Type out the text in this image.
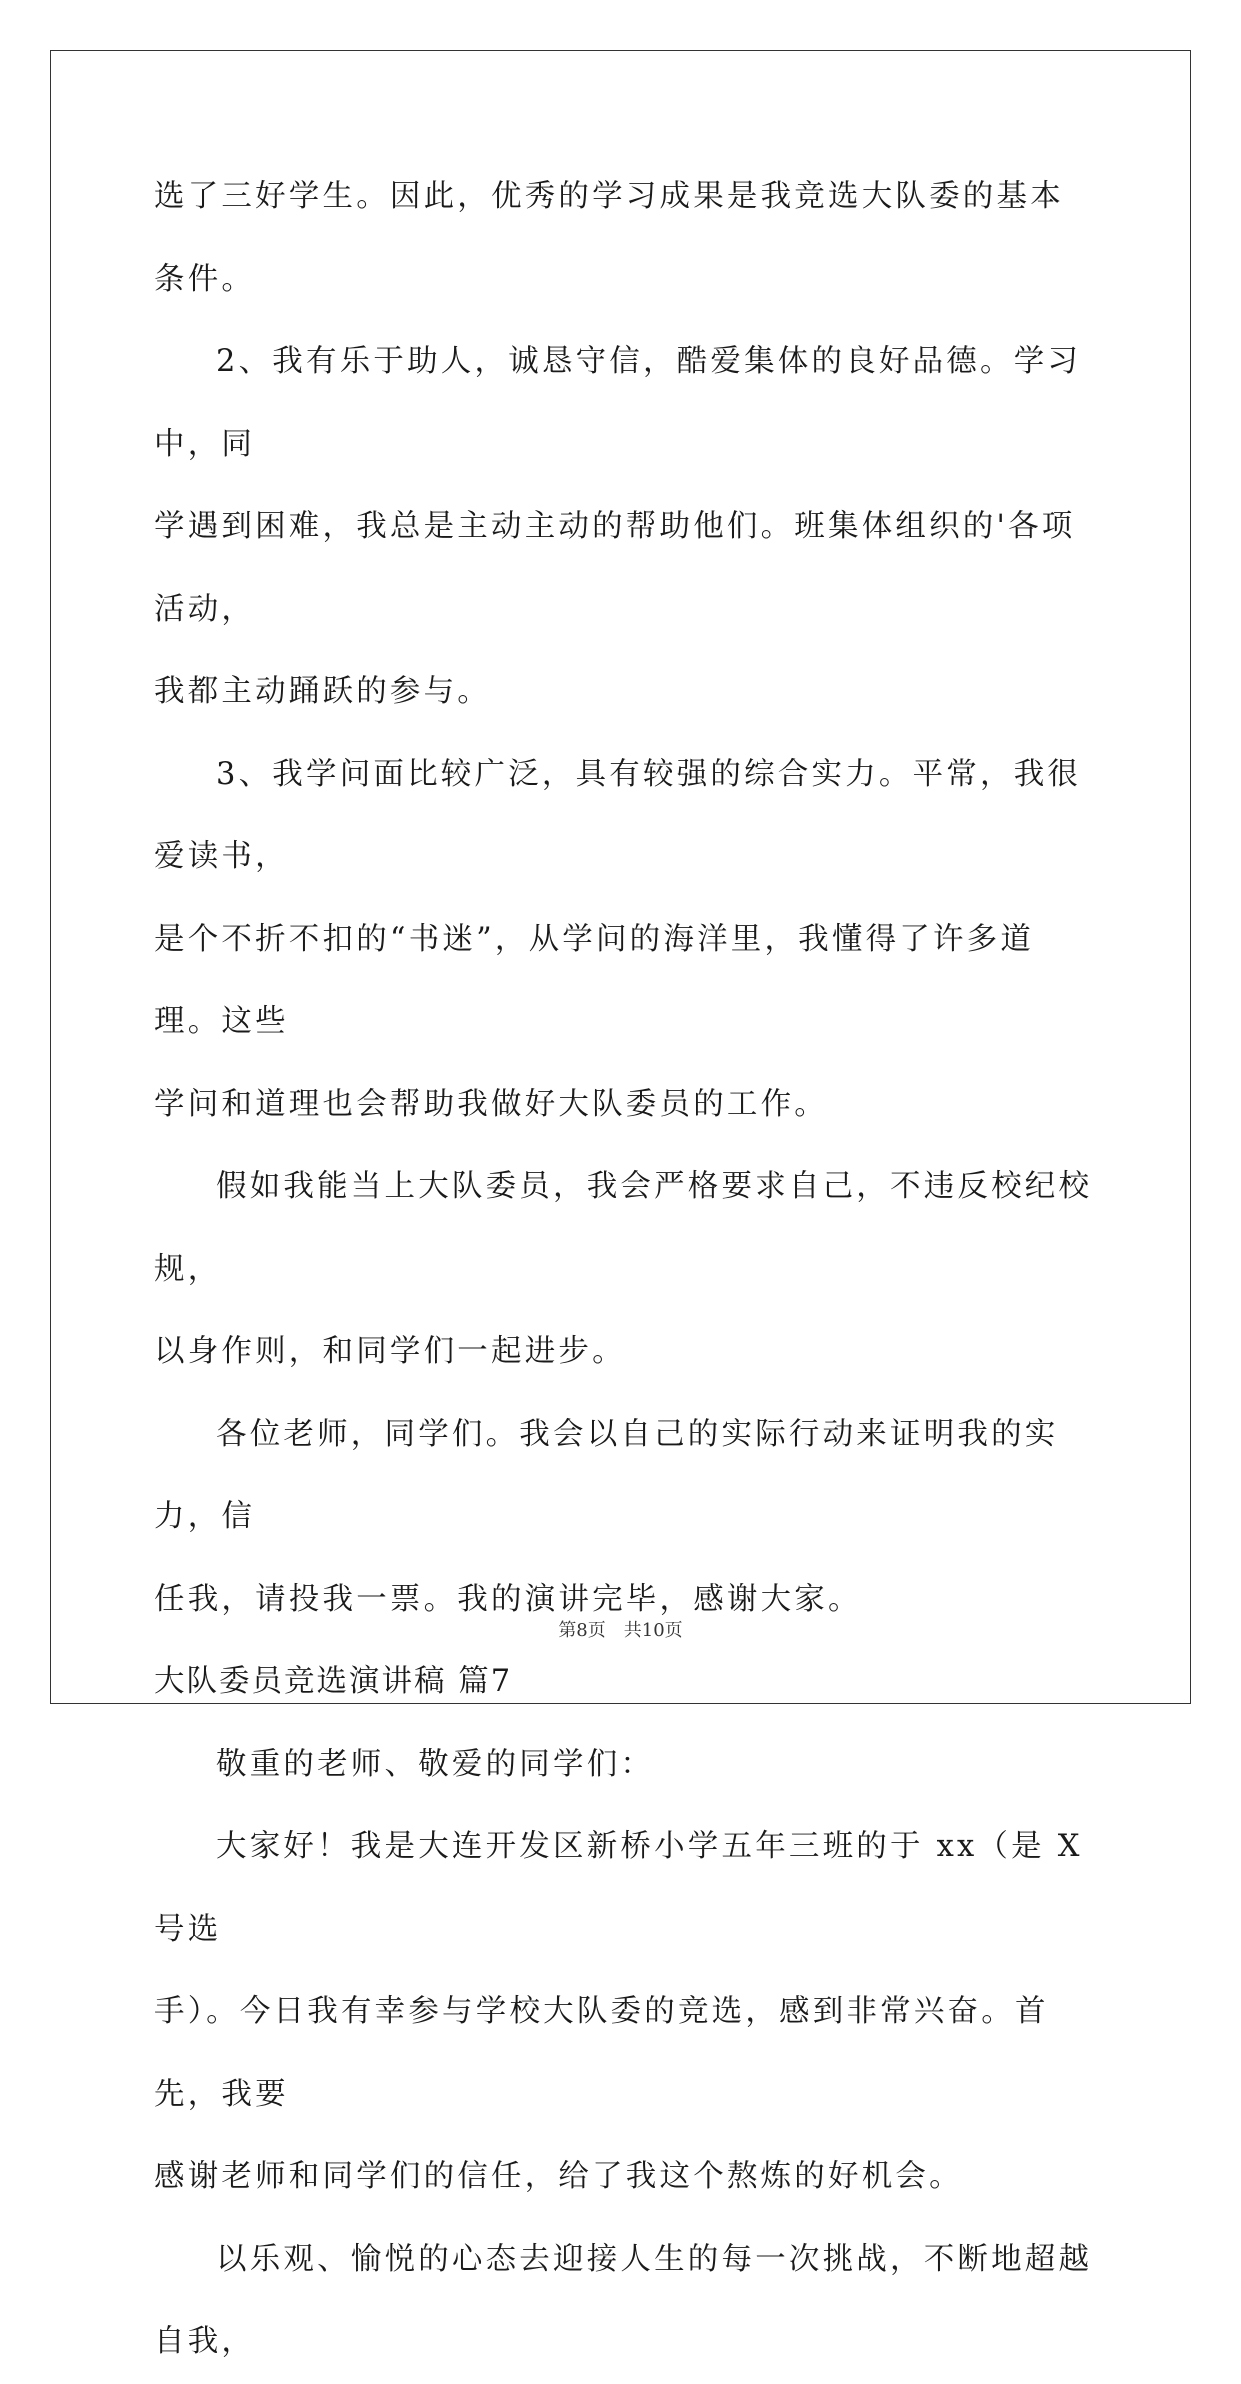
选了三好学生。因此，优秀的学习成果是我竞选大队委的基本条件。

2、我有乐于助人，诚恳守信，酷爱集体的良好品德。学习中，同

学遇到困难，我总是主动主动的帮助他们。班集体组织的'各项活动，

我都主动踊跃的参与。

3、我学问面比较广泛，具有较强的综合实力。平常，我很爱读书，

是个不折不扣的“书迷”，从学问的海洋里，我懂得了许多道理。这些

学问和道理也会帮助我做好大队委员的工作。

假如我能当上大队委员，我会严格要求自己，不违反校纪校规，

以身作则，和同学们一起进步。

各位老师，同学们。我会以自己的实际行动来证明我的实力，信

任我，请投我一票。我的演讲完毕，感谢大家。

大队委员竞选演讲稿 篇7

敬重的老师、敬爱的同学们：

大家好！我是大连开发区新桥小学五年三班的于 xx（是 X 号选

手）。今日我有幸参与学校大队委的竞选，感到非常兴奋。首先，我要

感谢老师和同学们的信任，给了我这个熬炼的好机会。

以乐观、愉悦的心态去迎接人生的每一次挑战，不断地超越自我，

第8页　共10页
